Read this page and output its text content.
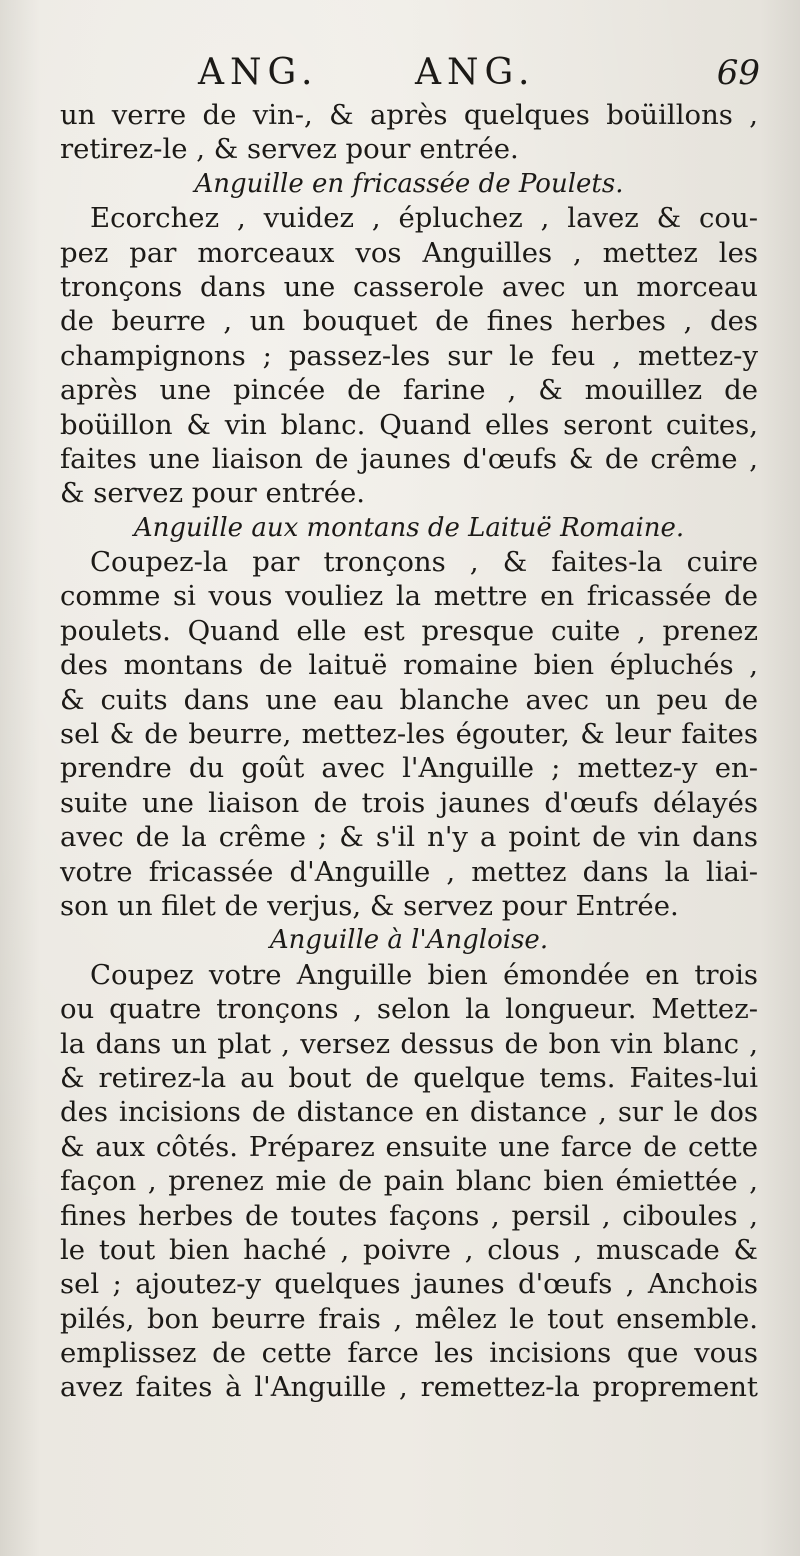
ANG.	ANG.	69
un verre de vin-, & après quelques boüillons ,
retirez-le , & servez pour entrée.
Anguille en fricassée de Poulets.
Ecorchez , vuidez , épluchez , lavez & cou-
pez par morceaux vos Anguilles , mettez les
tronçons dans une casserole avec un morceau
de beurre , un bouquet de fines herbes , des
champignons ; passez-les sur le feu , mettez-y
après une pincée de farine , & mouillez de
boüillon & vin blanc. Quand elles seront cuites,
faites une liaison de jaunes d'œufs & de crême ,
& servez pour entrée.
Anguille aux montans de Laituë Romaine.
Coupez-la par tronçons , & faites-la cuire
comme si vous vouliez la mettre en fricassée de
poulets. Quand elle est presque cuite , prenez
des montans de laituë romaine bien épluchés ,
& cuits dans une eau blanche avec un peu de
sel & de beurre, mettez-les égouter, & leur faites
prendre du goût avec l'Anguille ; mettez-y en-
suite une liaison de trois jaunes d'œufs délayés
avec de la crême ; & s'il n'y a point de vin dans
votre fricassée d'Anguille , mettez dans la liai-
son un filet de verjus, & servez pour Entrée.
Anguille à l'Angloise.
Coupez votre Anguille bien émondée en trois
ou quatre tronçons , selon la longueur. Mettez-
la dans un plat , versez dessus de bon vin blanc ,
& retirez-la au bout de quelque tems. Faites-lui
des incisions de distance en distance , sur le dos
& aux côtés. Préparez ensuite une farce de cette
façon , prenez mie de pain blanc bien émiettée ,
fines herbes de toutes façons , persil , ciboules ,
le tout bien haché , poivre , clous , muscade &
sel ; ajoutez-y quelques jaunes d'œufs , Anchois
pilés, bon beurre frais , mêlez le tout ensemble.
emplissez de cette farce les incisions que vous
avez faites à l'Anguille , remettez-la proprement
